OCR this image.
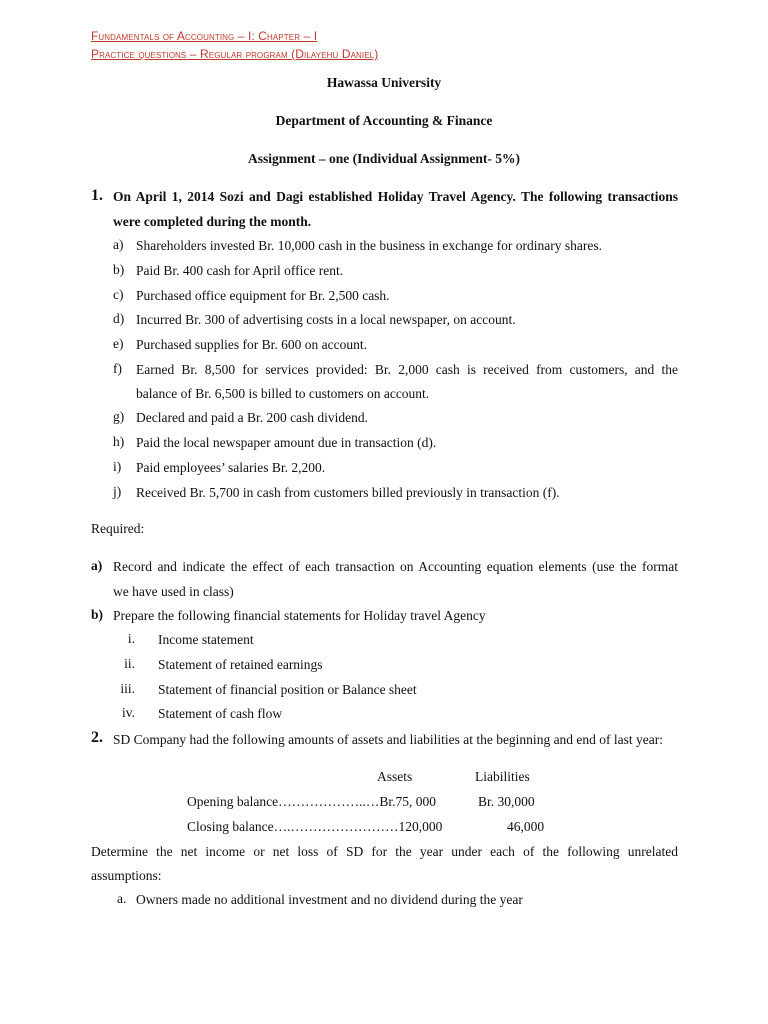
Fundamentals of Accounting – I: Chapter – I
Practice questions – Regular program (Dilayehu Daniel)
Hawassa University
Department of Accounting & Finance
Assignment – one (Individual Assignment- 5%)
1. On April 1, 2014 Sozi and Dagi established Holiday Travel Agency. The following transactions
were completed during the month.
a) Shareholders invested Br. 10,000 cash in the business in exchange for ordinary shares.
b) Paid Br. 400 cash for April office rent.
c) Purchased office equipment for Br. 2,500 cash.
d) Incurred Br. 300 of advertising costs in a local newspaper, on account.
e) Purchased supplies for Br. 600 on account.
f) Earned Br. 8,500 for services provided: Br. 2,000 cash is received from customers, and the
balance of Br. 6,500 is billed to customers on account.
g) Declared and paid a Br. 200 cash dividend.
h) Paid the local newspaper amount due in transaction (d).
i) Paid employees’ salaries Br. 2,200.
j) Received Br. 5,700 in cash from customers billed previously in transaction (f).
Required:
a) Record and indicate the effect of each transaction on Accounting equation elements (use the format
we have used in class)
b) Prepare the following financial statements for Holiday travel Agency
i. Income statement
ii. Statement of retained earnings
iii. Statement of financial position or Balance sheet
iv. Statement of cash flow
2. SD Company had the following amounts of assets and liabilities at the beginning and end of last year:
Assets	Liabilities
Opening balance………………..…Br.75, 000	Br. 30,000
Closing balance….……………………120,000	46,000
Determine the net income or net loss of SD for the year under each of the following unrelated
assumptions:
a. Owners made no additional investment and no dividend during the year
